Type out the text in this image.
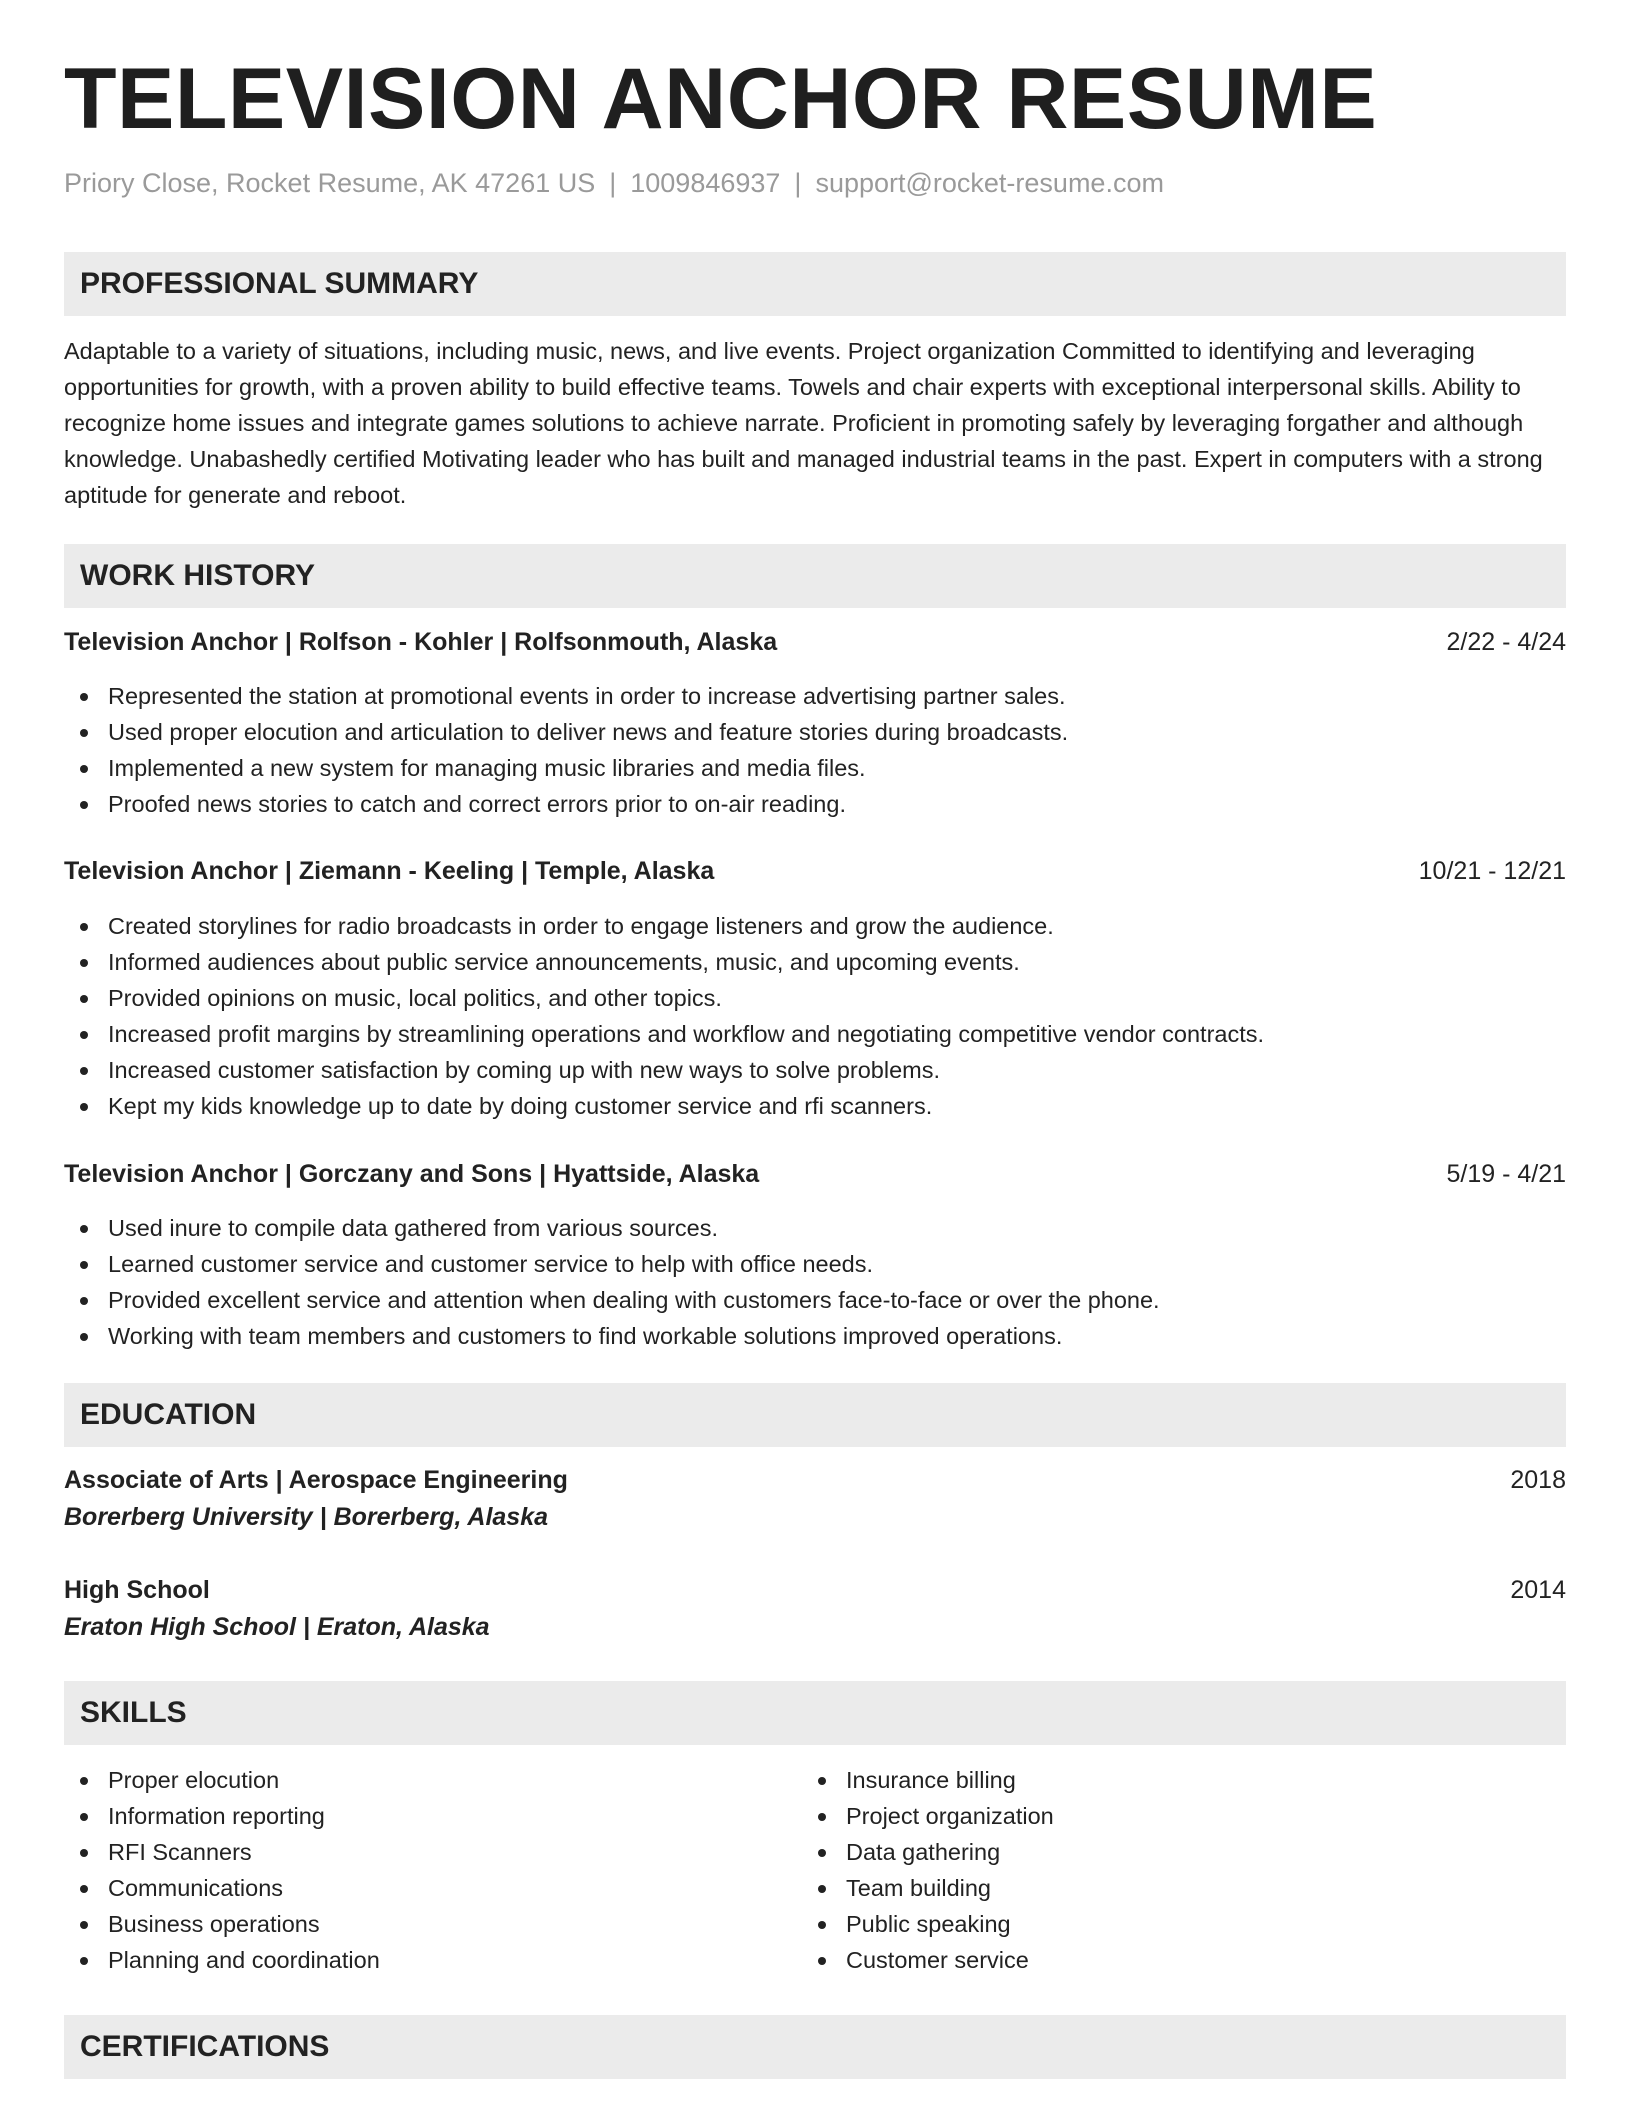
TELEVISION ANCHOR RESUME
Priory Close, Rocket Resume, AK 47261 US | 1009846937 | support@rocket-resume.com
PROFESSIONAL SUMMARY

Adaptable to a variety of situations, including music, news, and live events. Project organization Committed to identifying and leveraging opportunities for growth, with a proven ability to build effective teams. Towels and chair experts with exceptional interpersonal skills. Ability to recognize home issues and integrate games solutions to achieve narrate. Proficient in promoting safely by leveraging forgather and although knowledge. Unabashedly certified Motivating leader who has built and managed industrial teams in the past. Expert in computers with a strong aptitude for generate and reboot.

WORK HISTORY
Television Anchor | Rolfson - Kohler | Rolfsonmouth, Alaska	2/22 - 4/24
Represented the station at promotional events in order to increase advertising partner sales.
Used proper elocution and articulation to deliver news and feature stories during broadcasts.
Implemented a new system for managing music libraries and media files.
Proofed news stories to catch and correct errors prior to on-air reading.
Television Anchor | Ziemann - Keeling | Temple, Alaska	10/21 - 12/21
Created storylines for radio broadcasts in order to engage listeners and grow the audience.
Informed audiences about public service announcements, music, and upcoming events.
Provided opinions on music, local politics, and other topics.
Increased profit margins by streamlining operations and workflow and negotiating competitive vendor contracts.
Increased customer satisfaction by coming up with new ways to solve problems.
Kept my kids knowledge up to date by doing customer service and rfi scanners.
Television Anchor | Gorczany and Sons | Hyattside, Alaska	5/19 - 4/21
Used inure to compile data gathered from various sources.
Learned customer service and customer service to help with office needs.
Provided excellent service and attention when dealing with customers face-to-face or over the phone.
Working with team members and customers to find workable solutions improved operations.
EDUCATION
Associate of Arts | Aerospace Engineering	2018
Borerberg University | Borerberg, Alaska
High School	2014
Eraton High School | Eraton, Alaska
SKILLS
Proper elocution
Information reporting
RFI Scanners
Communications
Business operations
Planning and coordination
Insurance billing
Project organization
Data gathering
Team building
Public speaking
Customer service
CERTIFICATIONS
